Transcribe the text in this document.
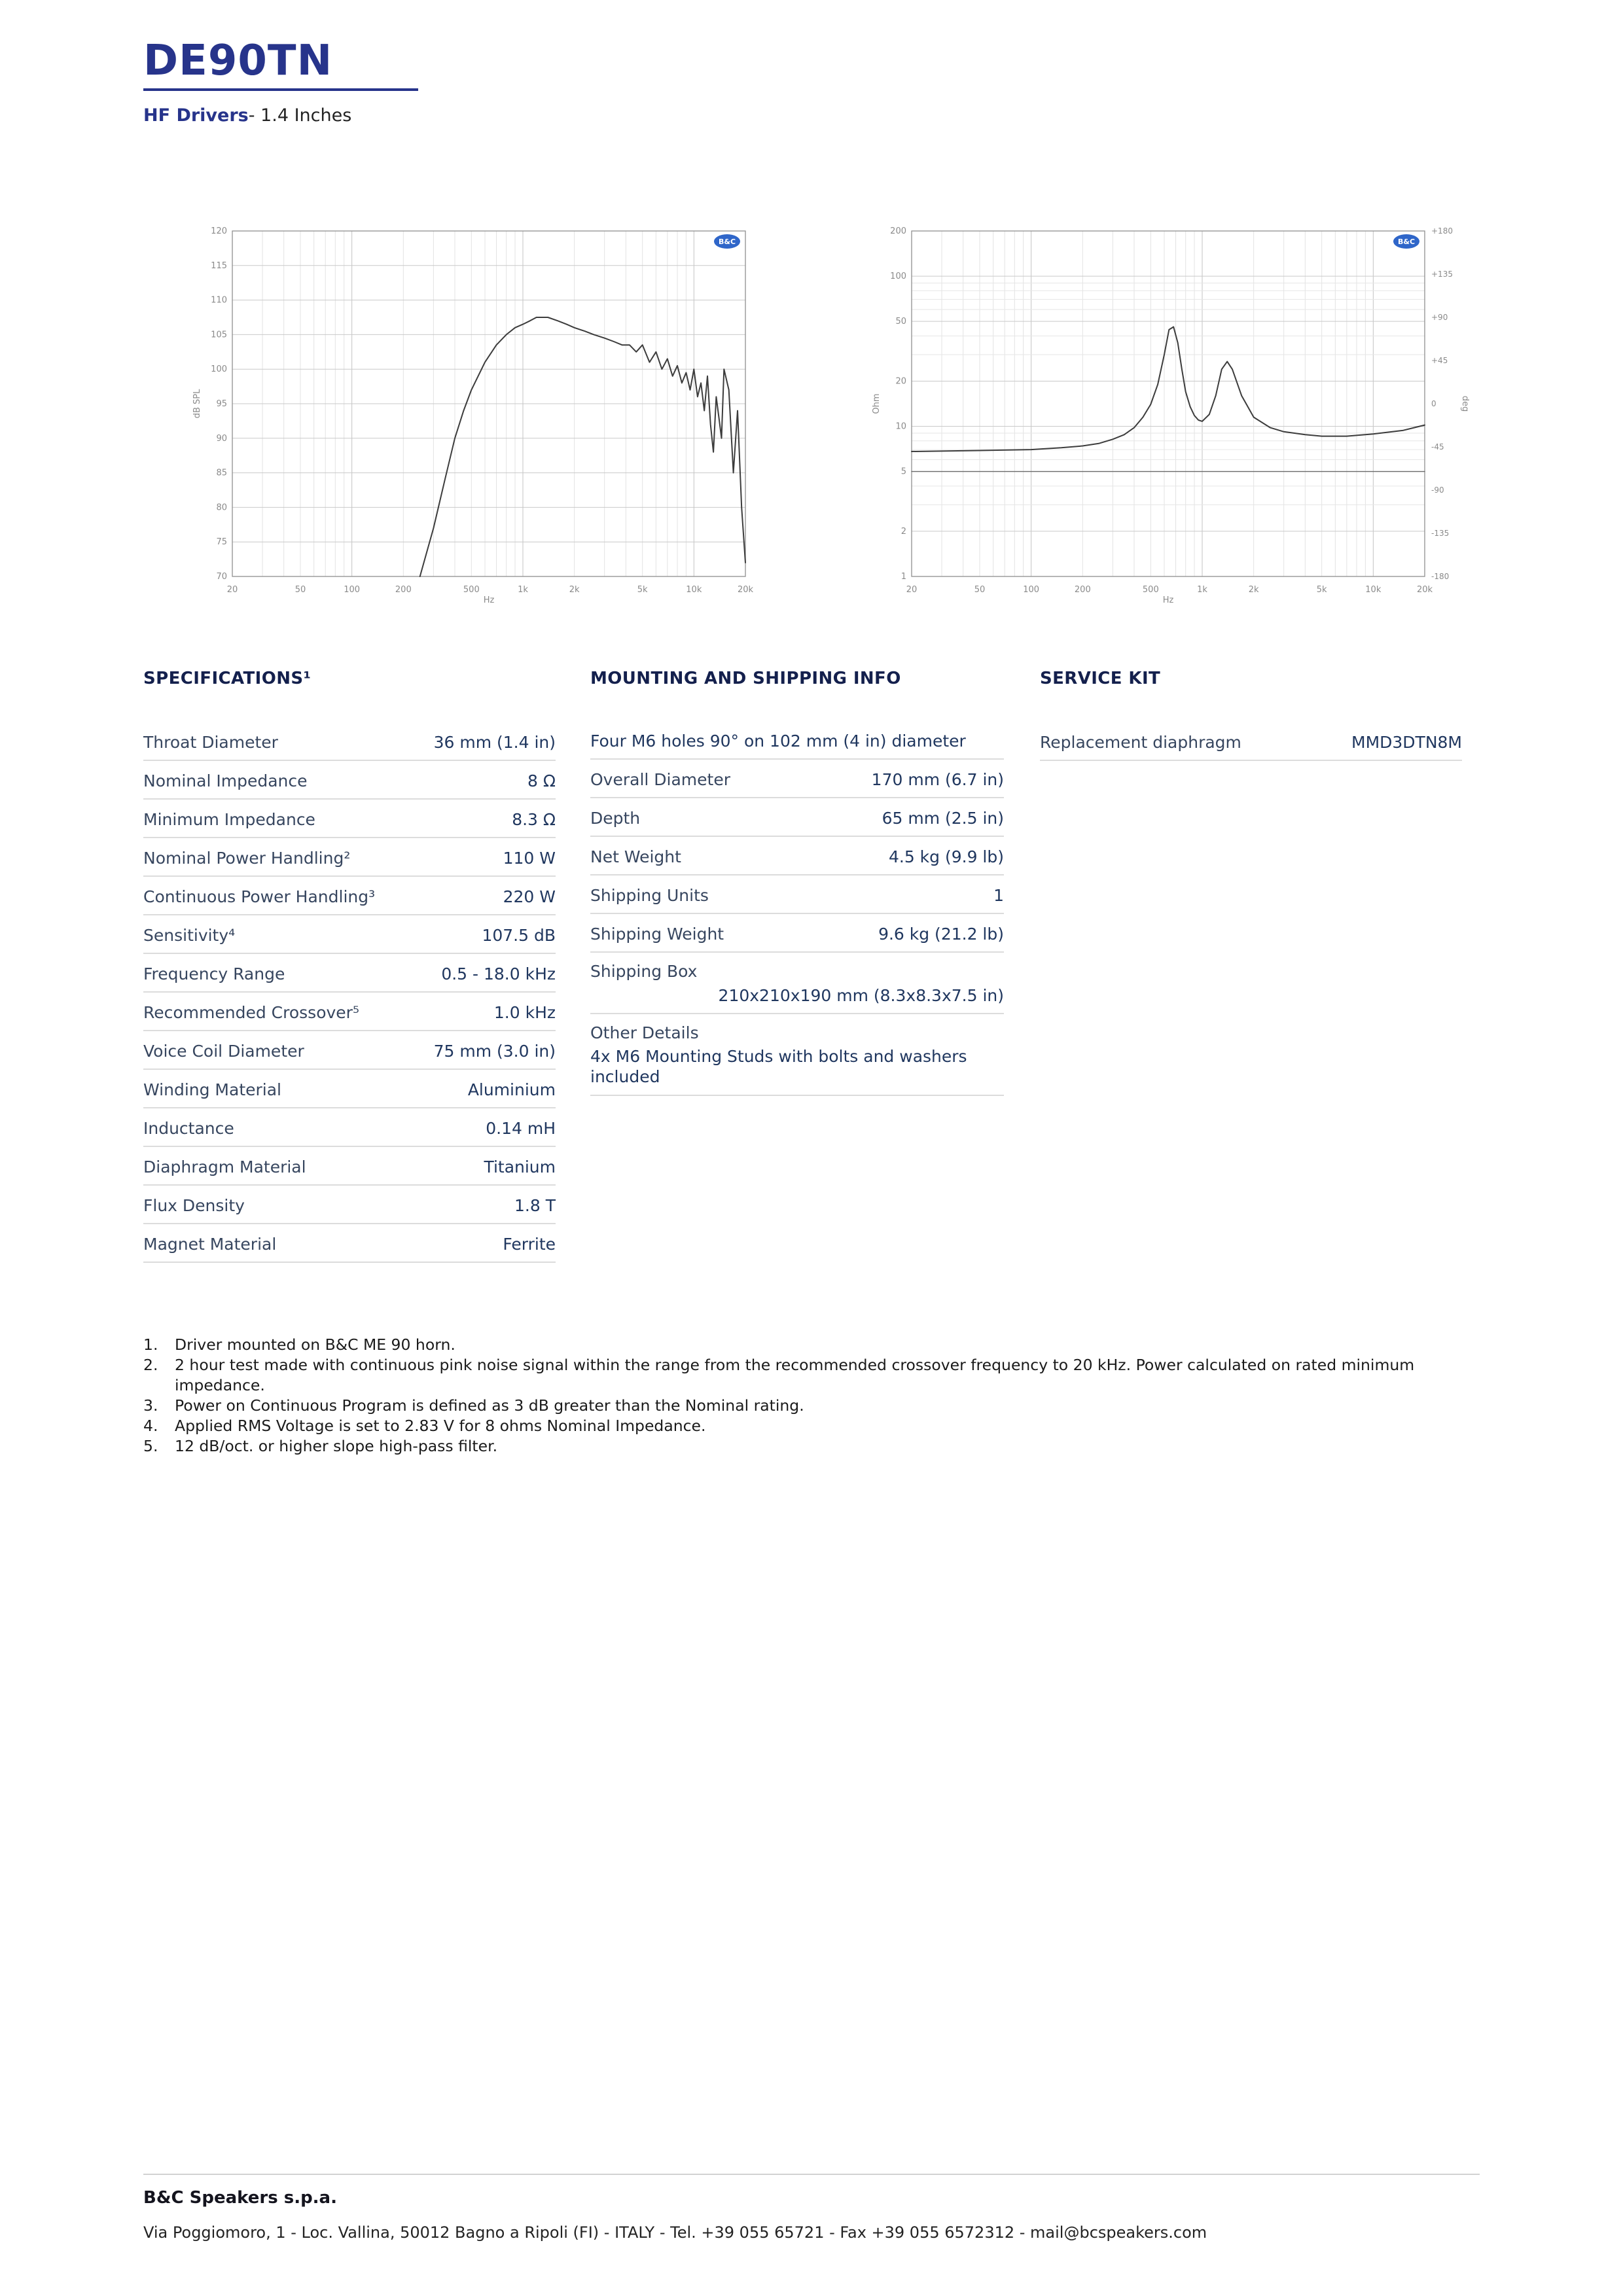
DE90TN

HF Drivers- 1.4 Inches

20	50	100	200	500	1k	2k	5k	10k	20k
70
75
80
85
90
95
100
105
110
115
120
dB SPL
Hz
B&C
20	50	100	200	500	1k	2k	5k	10k	20k
1
2
5
10
20
50
100
200	+180
+135
+90
+45
0
-45
-90
-135
-180
Ohm	deg
Hz
B&C
SPECIFICATIONS¹
Throat Diameter	36 mm (1.4 in)
Nominal Impedance	8 Ω
Minimum Impedance	8.3 Ω
Nominal Power Handling²	110 W
Continuous Power Handling³	220 W
Sensitivity⁴	107.5 dB
Frequency Range	0.5 - 18.0 kHz
Recommended Crossover⁵	1.0 kHz
Voice Coil Diameter	75 mm (3.0 in)
Winding Material	Aluminium
Inductance	0.14 mH
Diaphragm Material	Titanium
Flux Density	1.8 T
Magnet Material	Ferrite
MOUNTING AND SHIPPING INFO
Four M6 holes 90° on 102 mm (4 in) diameter
Overall Diameter	170 mm (6.7 in)
Depth	65 mm (2.5 in)
Net Weight	4.5 kg (9.9 lb)
Shipping Units	1
Shipping Weight	9.6 kg (21.2 lb)
Shipping Box
210x210x190 mm (8.3x8.3x7.5 in)
Other Details
4x M6 Mounting Studs with bolts and washers included
SERVICE KIT
Replacement diaphragm	MMD3DTN8M
1.	Driver mounted on B&C ME 90 horn.
2.	2 hour test made with continuous pink noise signal within the range from the recommended crossover frequency to 20 kHz. Power calculated on rated minimum impedance.
3.	Power on Continuous Program is defined as 3 dB greater than the Nominal rating.
4.	Applied RMS Voltage is set to 2.83 V for 8 ohms Nominal Impedance.
5.	12 dB/oct. or higher slope high-pass filter.

B&C Speakers s.p.a.

Via Poggiomoro, 1 - Loc. Vallina, 50012 Bagno a Ripoli (FI) - ITALY - Tel. +39 055 65721 - Fax +39 055 6572312 - mail@bcspeakers.com
